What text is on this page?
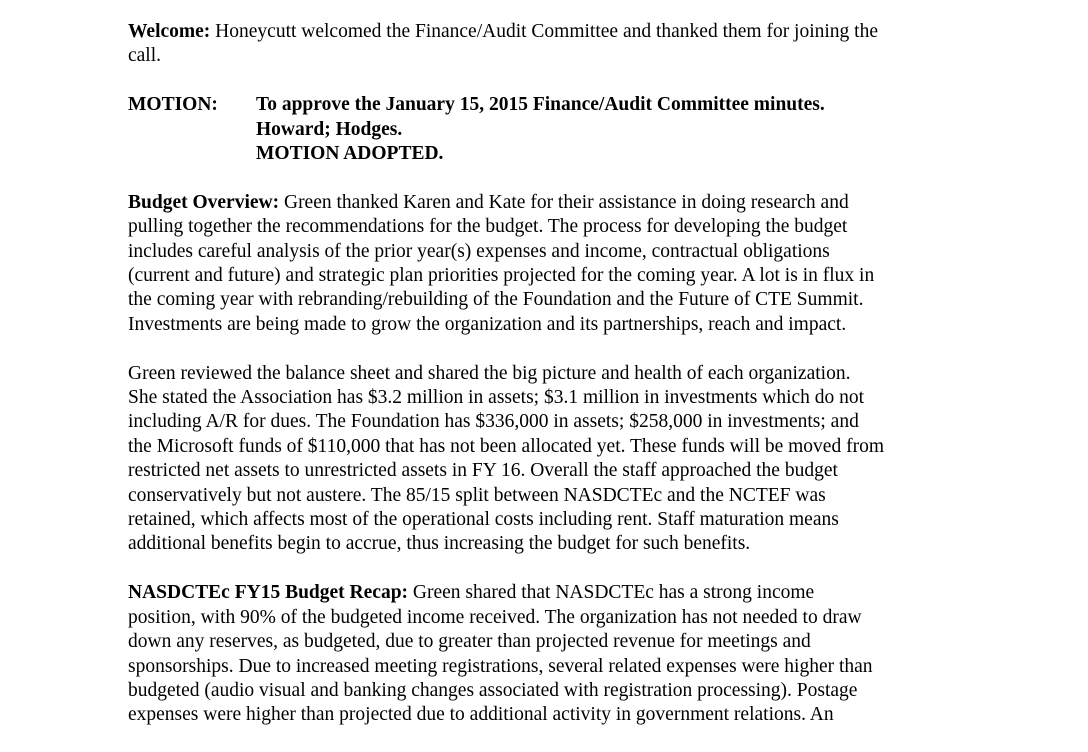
Welcome: Honeycutt welcomed the Finance/Audit Committee and thanked them for joining the
call.

MOTION: To approve the January 15, 2015 Finance/Audit Committee minutes.
Howard; Hodges.
MOTION ADOPTED.

Budget Overview: Green thanked Karen and Kate for their assistance in doing research and
pulling together the recommendations for the budget. The process for developing the budget
includes careful analysis of the prior year(s) expenses and income, contractual obligations
(current and future) and strategic plan priorities projected for the coming year. A lot is in flux in
the coming year with rebranding/rebuilding of the Foundation and the Future of CTE Summit.
Investments are being made to grow the organization and its partnerships, reach and impact.

Green reviewed the balance sheet and shared the big picture and health of each organization.
She stated the Association has $3.2 million in assets; $3.1 million in investments which do not
including A/R for dues. The Foundation has $336,000 in assets; $258,000 in investments; and
the Microsoft funds of $110,000 that has not been allocated yet. These funds will be moved from
restricted net assets to unrestricted assets in FY 16. Overall the staff approached the budget
conservatively but not austere. The 85/15 split between NASDCTEc and the NCTEF was
retained, which affects most of the operational costs including rent. Staff maturation means
additional benefits begin to accrue, thus increasing the budget for such benefits.

NASDCTEc FY15 Budget Recap: Green shared that NASDCTEc has a strong income
position, with 90% of the budgeted income received. The organization has not needed to draw
down any reserves, as budgeted, due to greater than projected revenue for meetings and
sponsorships. Due to increased meeting registrations, several related expenses were higher than
budgeted (audio visual and banking changes associated with registration processing). Postage
expenses were higher than projected due to additional activity in government relations. An
